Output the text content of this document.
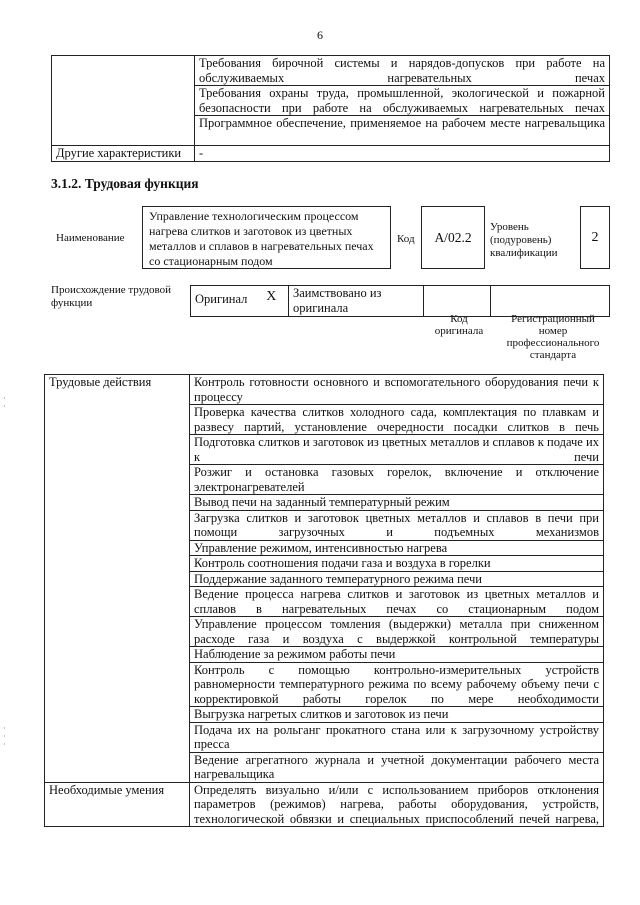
6
	Требования бирочной системы и нарядов-допусков при работе на обслуживаемых нагревательных печах
	Требования охраны труда, промышленной, экологической и пожарной безопасности при работе на обслуживаемых нагревательных печах
	Программное обеспечение, применяемое на рабочем месте нагревальщика
Другие характеристики	-
3.1.2. Трудовая функция
Наименование
Управление технологическим процессом нагрева слитков и заготовок из цветных металлов и сплавов в нагревательных печах со стационарным подом
Код	A/02.2
Уровень (подуровень) квалификации
2
Происхождение трудовой функции	Оригинал	X	Заимствовано из оригинала		
Код оригинала
Регистрационный номер профессионального стандарта
Трудовые действия	Контроль готовности основного и вспомогательного оборудования печи к процессу
	Проверка качества слитков холодного сада, комплектация по плавкам и развесу партий, установление очередности посадки слитков в печь
	Подготовка слитков и заготовок из цветных металлов и сплавов к подаче их к печи
	Розжиг и остановка газовых горелок, включение и отключение электронагревателей
	Вывод печи на заданный температурный режим
	Загрузка слитков и заготовок цветных металлов и сплавов в печи при помощи загрузочных и подъемных механизмов
	Управление режимом, интенсивностью нагрева
	Контроль соотношения подачи газа и воздуха в горелки
	Поддержание заданного температурного режима печи
	Ведение процесса нагрева слитков и заготовок из цветных металлов и сплавов в нагревательных печах со стационарным подом
	Управление процессом томления (выдержки) металла при сниженном расходе газа и воздуха с выдержкой контрольной температуры
	Наблюдение за режимом работы печи
	Контроль с помощью контрольно-измерительных устройств равномерности температурного режима по всему рабочему объему печи с корректировкой работы горелок по мере необходимости
	Выгрузка нагретых слитков и заготовок из печи
	Подача их на рольганг прокатного стана или к загрузочному устройству пресса
	Ведение агрегатного журнала и учетной документации рабочего места нагревальщика
Необходимые умения	Определять визуально и/или с использованием приборов отклонения параметров (режимов) нагрева, работы оборудования, устройств, технологической обвязки и специальных приспособлений печей нагрева,
·
·
·
·
·
